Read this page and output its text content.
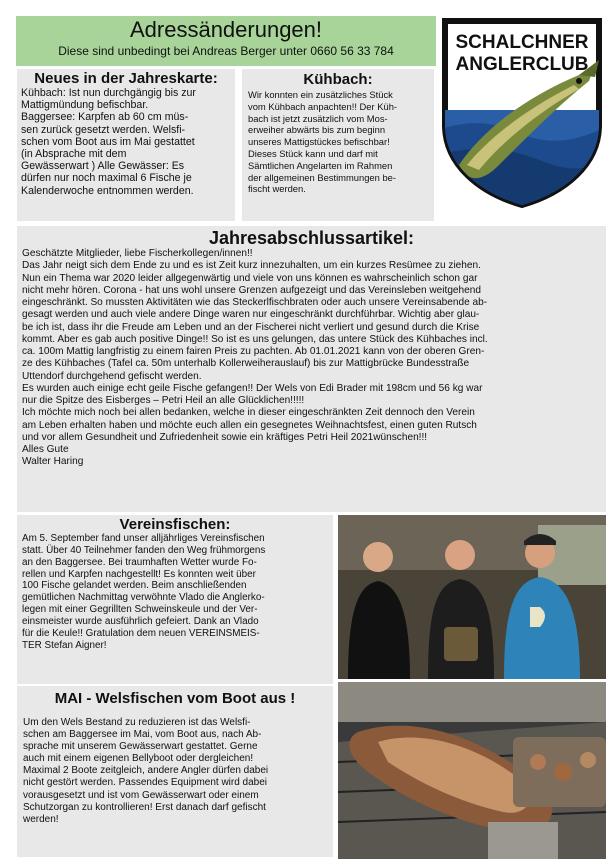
Adressänderungen!
Diese sind unbedingt bei Andreas Berger unter 0660 56 33 784	SCHALCHNER
ANGLERCLUB
Neues in der Jahreskarte:

Kühbach: Ist nun durchgängig bis zur

Mattigmündung befischbar.

Baggersee: Karpfen ab 60 cm müs-

sen zurück gesetzt werden. Welsfi-

schen vom Boot aus im Mai gestattet

(in Absprache mit dem

Gewässerwart ) Alle Gewässer: Es

dürfen nur noch maximal 6 Fische je

Kalenderwoche entnommen werden.

Kühbach:

Wir konnten ein zusätzliches Stück

vom Kühbach anpachten!! Der Küh-

bach ist jetzt zusätzlich vom Mos-

erweiher abwärts bis zum beginn

unseres Mattigstückes befischbar!

Dieses Stück kann und darf mit

Sämtlichen Angelarten im Rahmen

der allgemeinen Bestimmungen be-

fischt werden.

Jahresabschlussartikel:

Geschätzte Mitglieder, liebe Fischerkollegen/innen!!

Das Jahr neigt sich dem Ende zu und es ist Zeit kurz innezuhalten, um ein kurzes Resümee zu ziehen.

Nun ein Thema war 2020 leider allgegenwärtig und viele von uns können es wahrscheinlich schon gar

nicht mehr hören. Corona - hat uns wohl unsere Grenzen aufgezeigt und das Vereinsleben weitgehend

eingeschränkt. So mussten Aktivitäten wie das Steckerlfischbraten oder auch unsere Vereinsabende ab-

gesagt werden und auch viele andere Dinge waren nur eingeschränkt durchführbar. Wichtig aber glau-

be ich ist, dass ihr die Freude am Leben und an der Fischerei nicht verliert und gesund durch die Krise

kommt. Aber es gab auch positive Dinge!! So ist es uns gelungen, das untere Stück des Kühbaches incl.

ca. 100m Mattig langfristig zu einem fairen Preis zu pachten. Ab 01.01.2021 kann von der oberen Gren-

ze des Kühbaches (Tafel ca. 50m unterhalb Kollerweiherauslauf) bis zur Mattigbrücke Bundesstraße

Uttendorf durchgehend gefischt werden.

Es wurden auch einige echt geile Fische gefangen!! Der Wels von Edi Brader mit 198cm und 56 kg war

nur die Spitze des Eisberges – Petri Heil an alle Glücklichen!!!!!

Ich möchte mich noch bei allen bedanken, welche in dieser eingeschränkten Zeit dennoch den Verein

am Leben erhalten haben und möchte euch allen ein gesegnetes Weihnachtsfest, einen guten Rutsch

und vor allem Gesundheit und Zufriedenheit sowie ein kräftiges Petri Heil 2021wünschen!!!

Alles Gute

Walter Haring

Vereinsfischen:

Am 5. September fand unser alljährliges Vereinsfischen

statt. Über 40 Teilnehmer fanden den Weg frühmorgens

an den Baggersee. Bei traumhaften Wetter wurde Fo-

rellen und Karpfen nachgestellt! Es konnten weit über

100 Fische gelandet werden. Beim anschließenden

gemütlichen Nachmittag verwöhnte Vlado die Anglerko-

legen mit einer Gegrillten Schweinskeule und der Ver-

einsmeister wurde ausführlich gefeiert. Dank an Vlado

für die Keule!! Gratulation dem neuen VEREINSMEIS-

TER Stefan Aigner!

MAI - Welsfischen vom Boot aus !

Um den Wels Bestand zu reduzieren ist das Welsfi-

schen am Baggersee im Mai, vom Boot aus, nach Ab-

sprache mit unserem Gewässerwart gestattet. Gerne

auch mit einem eigenen Bellyboot oder dergleichen!

Maximal 2 Boote zeitgleich, andere Angler dürfen dabei

nicht gestört werden. Passendes Equipment wird dabei

vorausgesetzt und ist vom Gewässerwart oder einem

Schutzorgan zu kontrollieren! Erst danach darf gefischt

werden!
